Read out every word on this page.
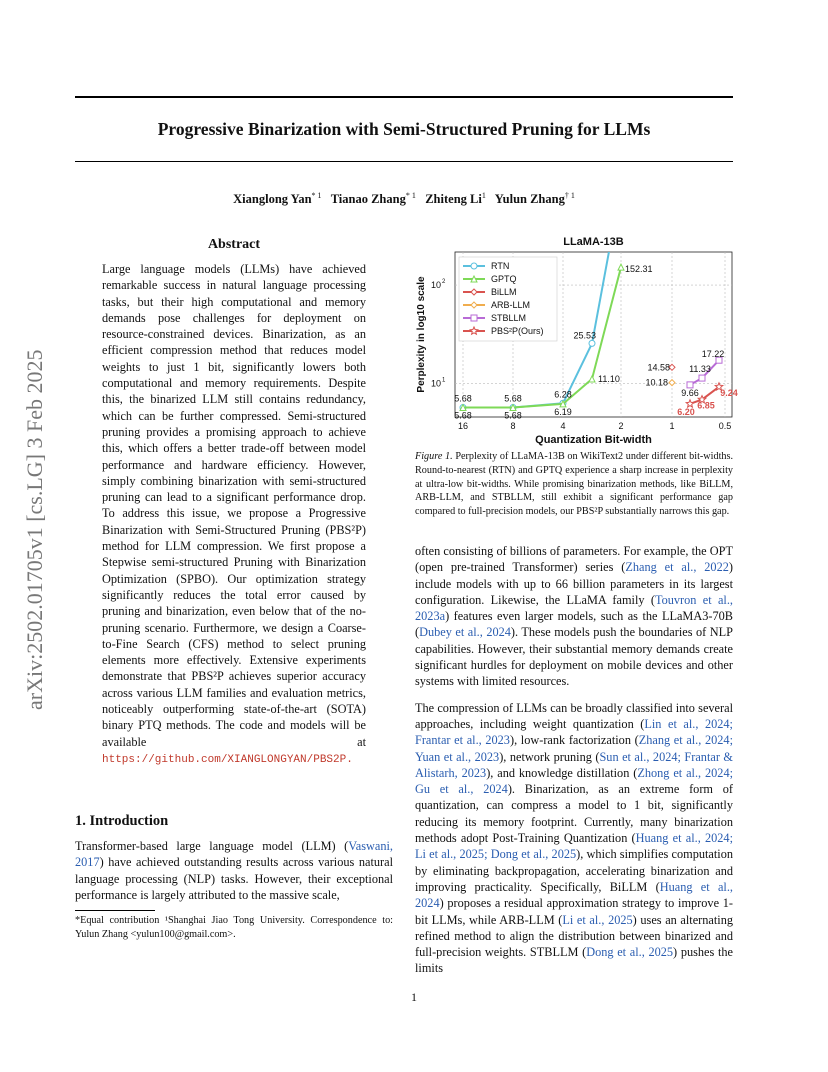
Progressive Binarization with Semi-Structured Pruning for LLMs
Xianglong Yan$^{* 1}$ Tianao Zhang$^{* 1}$ Zhiteng Li$^1$ Yulun Zhang$^{\dagger 1}$
arXiv:2502.01705v1 [cs.LG] 3 Feb 2025
Abstract
Large language models (LLMs) have achieved remarkable success in natural language processing tasks, but their high computational and memory demands pose challenges for deployment on resource-constrained devices. Binarization, as an efficient compression method that reduces model weights to just 1 bit, significantly lowers both computational and memory requirements. Despite this, the binarized LLM still contains redundancy, which can be further compressed. Semi-structured pruning provides a promising approach to achieve this, which offers a better trade-off between model performance and hardware efficiency. However, simply combining binarization with semi-structured pruning can lead to a significant performance drop. To address this issue, we propose a Progressive Binarization with Semi-Structured Pruning (PBS²P) method for LLM compression. We first propose a Stepwise semi-structured Pruning with Binarization Optimization (SPBO). Our optimization strategy significantly reduces the total error caused by pruning and binarization, even below that of the no-pruning scenario. Furthermore, we design a Coarse-to-Fine Search (CFS) method to select pruning elements more effectively. Extensive experiments demonstrate that PBS²P achieves superior accuracy across various LLM families and evaluation metrics, noticeably outperforming state-of-the-art (SOTA) binary PTQ methods. The code and models will be available at https://github.com/XIANGLONGYAN/PBS2P.
1. Introduction
Transformer-based large language model (LLM) (Vaswani, 2017) have achieved outstanding results across various natural language processing (NLP) tasks. However, their exceptional performance is largely attributed to the massive scale,
*Equal contribution ¹Shanghai Jiao Tong University. Correspondence to: Yulun Zhang <yulun100@gmail.com>.
16	8	4	2	1	0.5
10 1
10 2
LLaMA-13B
Quantization Bit-width
Perplexity in log10 scale
5.68
5.68
5.68
5.68
6.28
6.19
25.53
11.10
152.31
14.58
10.18
11.33
9.66
17.22
9.24
6.20
6.85
RTN
GPTQ
BiLLM
ARB-LLM
STBLLM
PBS²P(Ours)
Figure 1. Perplexity of LLaMA-13B on WikiText2 under different bit-widths. Round-to-nearest (RTN) and GPTQ experience a sharp increase in perplexity at ultra-low bit-widths. While promising binarization methods, like BiLLM, ARB-LLM, and STBLLM, still exhibit a significant performance gap compared to full-precision models, our PBS²P substantially narrows this gap.

often consisting of billions of parameters. For example, the OPT (open pre-trained Transformer) series (Zhang et al., 2022) include models with up to 66 billion parameters in its largest configuration. Likewise, the LLaMA family (Touvron et al., 2023a) features even larger models, such as the LLaMA3-70B (Dubey et al., 2024). These models push the boundaries of NLP capabilities. However, their substantial memory demands create significant hurdles for deployment on mobile devices and other systems with limited resources.

The compression of LLMs can be broadly classified into several approaches, including weight quantization (Lin et al., 2024; Frantar et al., 2023), low-rank factorization (Zhang et al., 2024; Yuan et al., 2023), network pruning (Sun et al., 2024; Frantar & Alistarh, 2023), and knowledge distillation (Zhong et al., 2024; Gu et al., 2024). Binarization, as an extreme form of quantization, can compress a model to 1 bit, significantly reducing its memory footprint. Currently, many binarization methods adopt Post-Training Quantization (Huang et al., 2024; Li et al., 2025; Dong et al., 2025), which simplifies computation by eliminating backpropagation, accelerating binarization and improving practicality. Specifically, BiLLM (Huang et al., 2024) proposes a residual approximation strategy to improve 1-bit LLMs, while ARB-LLM (Li et al., 2025) uses an alternating refined method to align the distribution between binarized and full-precision weights. STBLLM (Dong et al., 2025) pushes the limits

1
